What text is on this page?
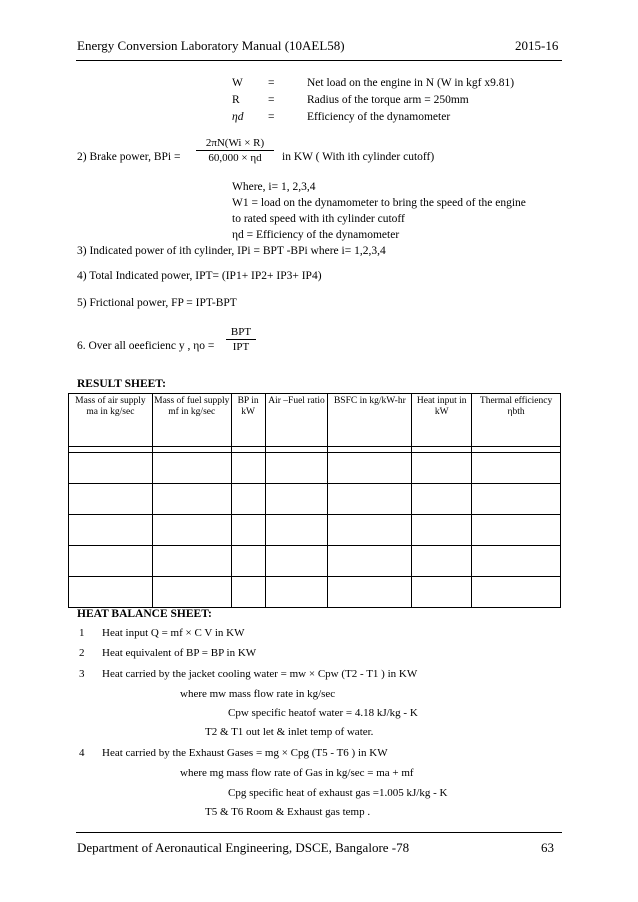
Energy Conversion Laboratory Manual (10AEL58)	2015-16
W =	Net load on the engine in N (W in kgf x9.81)
R =	Radius of the torque arm = 250mm
ηd =	Efficiency of the dynamometer
2) Brake power, BPi = $\frac{2\pi N(Wi \times R)}{60,000 \times \eta d}$ in KW ( With ith cylinder cutoff)
Where, i= 1, 2,3,4
W1 = load on the dynamometer to bring the speed of the engine
to rated speed with ith cylinder cutoff
ηd = Efficiency of the dynamometer
3) Indicated power of ith cylinder, IPi = BPT -BPi where i= 1,2,3,4
4) Total Indicated power, IPT= (IP1+ IP2+ IP3+ IP4)
5) Frictional power, FP = IPT-BPT
6. Over all oeeficienc y , ηo =
BPT
IPT
RESULT SHEET:
Mass of air supply ma in kg/sec	Mass of fuel supply mf in kg/sec	BP in kW	Air –Fuel ratio	BSFC in kg/kW-hr	Heat input in kW	Thermal efficiency ηbth

HEAT BALANCE SHEET:
1 Heat input Q = mf × C V in KW
2 Heat equivalent of BP = BP in KW
3 Heat carried by the jacket cooling water = mw × Cpw (T2 - T1 ) in KW
where mw mass flow rate in kg/sec
Cpw specific heatof water = 4.18 kJ/kg - K
T2 & T1 out let & inlet temp of water.
4 Heat carried by the Exhaust Gases = mg × Cpg (T5 - T6 ) in KW
where mg mass flow rate of Gas in kg/sec = ma + mf
Cpg specific heat of exhaust gas =1.005 kJ/kg - K
T5 & T6 Room & Exhaust gas temp .
Department of Aeronautical Engineering, DSCE, Bangalore -78	63
